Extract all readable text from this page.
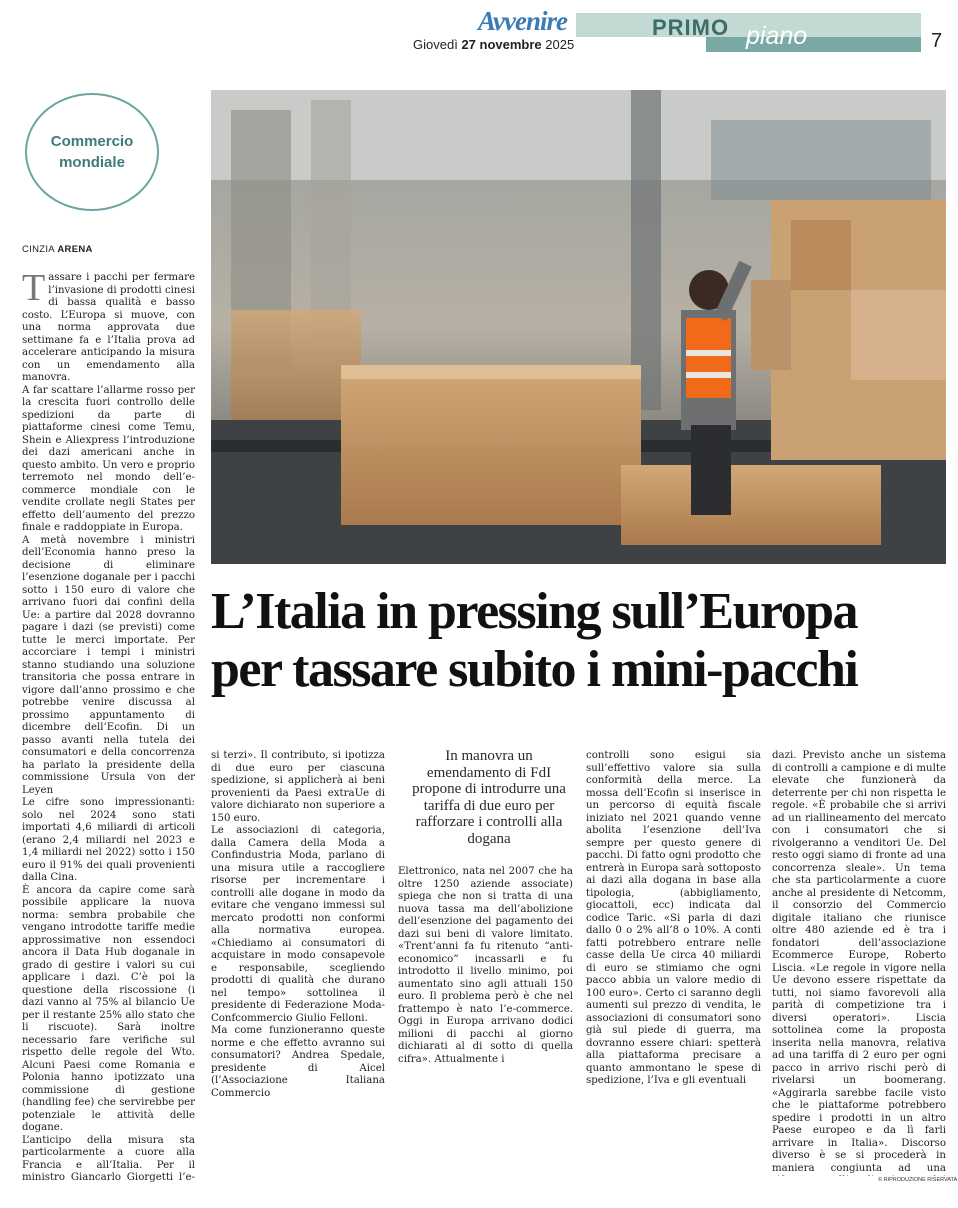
Avvenire
Giovedì 27 novembre 2025
PRIMO piano	7
Commercio mondiale
CINZIA ARENA
L’Italia in pressing sull’Europa
per tassare subito i mini-pacchi
In manovra un emendamento di FdI propone di introdurre una tariffa di due euro per rafforzare i controlli alla dogana

Tassare i pacchi per fermare l’invasione di prodotti cinesi di bassa qualità e basso costo. L’Europa si muove, con una norma approvata due settimane fa e l’Italia prova ad accelerare anticipando la misura con un emendamento alla manovra.

A far scattare l’allarme rosso per la crescita fuori controllo delle spedizioni da parte di piattaforme cinesi come Temu, Shein e Aliexpress l’introduzione dei dazi americani anche in questo ambito. Un vero e proprio terremoto nel mondo dell’e-commerce mondiale con le vendite crollate negli States per effetto dell’aumento del prezzo finale e raddoppiate in Europa.

A metà novembre i ministri dell’Economia hanno preso la decisione di eliminare l’esenzione doganale per i pacchi sotto i 150 euro di valore che arrivano fuori dai confini della Ue: a partire dal 2028 dovranno pagare i dazi (se previsti) come tutte le merci importate. Per accorciare i tempi i ministri stanno studiando una soluzione transitoria che possa entrare in vigore dall’anno prossimo e che potrebbe venire discussa al prossimo appuntamento di dicembre dell’Ecofin. Di un passo avanti nella tutela dei consumatori e della concorrenza ha parlato la presidente della commissione Ursula von der Leyen

Le cifre sono impressionanti: solo nel 2024 sono stati importati 4,6 miliardi di articoli (erano 2,4 miliardi nel 2023 e 1,4 miliardi nel 2022) sotto i 150 euro il 91% dei quali provenienti dalla Cina.

È ancora da capire come sarà possibile applicare la nuova norma: sembra probabile che vengano introdotte tariffe medie approssimative non essendoci ancora il Data Hub doganale in grado di gestire i valori su cui applicare i dazi. C’è poi la questione della riscossione (i dazi vanno al 75% al bilancio Ue per il restante 25% allo stato che li riscuote). Sarà inoltre necessario fare verifiche sul rispetto delle regole del Wto. Alcuni Paesi come Romania e Polonia hanno ipotizzato una commissione di gestione (handling fee) che servirebbe per potenziale le attività delle dogane.

L’anticipo della misura sta particolarmente a cuore alla Francia e all’Italia. Per il ministro Giancarlo Giorgetti l’e-

si terzi». Il contributo, si ipotizza di due euro per ciascuna spedizione, si applicherà ai beni provenienti da Paesi extraUe di valore dichiarato non superiore a 150 euro.

Le associazioni di categoria, dalla Camera della Moda a Confindustria Moda, parlano di una misura utile a raccogliere risorse per incrementare i controlli alle dogane in modo da evitare che vengano immessi sul mercato prodotti non conformi alla normativa europea. «Chiediamo ai consumatori di acquistare in modo consapevole e responsabile, scegliendo prodotti di qualità che durano nel tempo» sottolinea il presidente di Federazione Moda-Confcommercio Giulio Felloni.

Ma come funzioneranno queste norme e che effetto avranno sui consumatori? Andrea Spedale, presidente di Aicel (l’Associazione Italiana Commercio

Elettronico, nata nel 2007 che ha oltre 1250 aziende associate) spiega che non si tratta di una nuova tassa ma dell’abolizione dell’esenzione del pagamento dei dazi sui beni di valore limitato. «Trent’anni fa fu ritenuto “anti-economico” incassarli e fu introdotto il livello minimo, poi aumentato sino agli attuali 150 euro. Il problema però è che nel frattempo è nato l’e-commerce. Oggi in Europa arrivano dodici milioni di pacchi al giorno dichiarati al di sotto di quella cifra». Attualmente i

controlli sono esigui sia sull’effettivo valore sia sulla conformità della merce. La mossa dell’Ecofin si inserisce in un percorso di equità fiscale iniziato nel 2021 quando venne abolita l’esenzione dell’Iva sempre per questo genere di pacchi. Di fatto ogni prodotto che entrerà in Europa sarà sottoposto ai dazi alla dogana in base alla tipologia, (abbigliamento, giocattoli, ecc) indicata dal codice Taric. «Si parla di dazi dallo 0 o 2% all’8 o 10%. A conti fatti potrebbero entrare nelle casse della Ue circa 40 miliardi di euro se stimiamo che ogni pacco abbia un valore medio di 100 euro». Certo ci saranno degli aumenti sul prezzo di vendita, le associazioni di consumatori sono già sul piede di guerra, ma dovranno essere chiari: spetterà alla piattaforma precisare a quanto ammontano le spese di spedizione, l’Iva e gli eventuali

dazi. Previsto anche un sistema di controlli a campione e di multe elevate che funzionerà da deterrente per chi non rispetta le regole. «È probabile che si arrivi ad un riallineamento del mercato con i consumatori che si rivolgeranno a venditori Ue. Del resto oggi siamo di fronte ad una concorrenza sleale». Un tema che sta particolarmente a cuore anche al presidente di Netcomm, il consorzio del Commercio digitale italiano che riunisce oltre 480 aziende ed è tra i fondatori dell’associazione Ecommerce Europe, Roberto Liscia. «Le regole in vigore nella Ue devono essere rispettate da tutti, noi siamo favorevoli alla parità di competizione tra i diversi operatori». Liscia sottolinea come la proposta inserita nella manovra, relativa ad una tariffa di 2 euro per ogni pacco in arrivo rischi però di rivelarsi un boomerang. «Aggirarla sarebbe facile visto che le piattaforme potrebbero spedire i prodotti in un altro Paese europeo e da lì farli arrivare in Italia». Discorso diverso è se si procederà in maniera congiunta ad una

© RIPRODUZIONE RISERVATA
